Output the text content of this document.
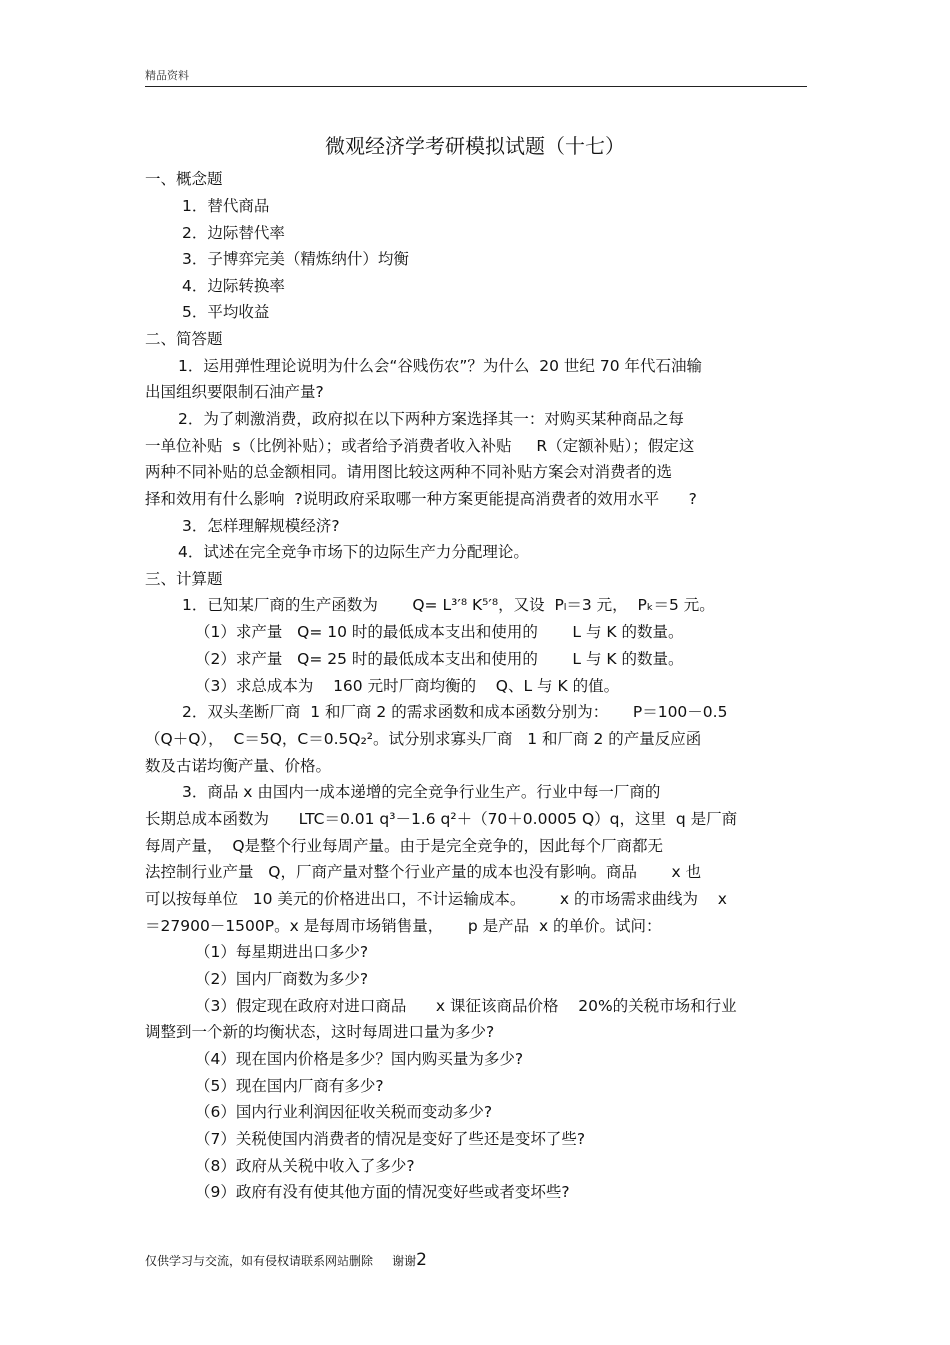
精品资料
微观经济学考研模拟试题（十七）
一、概念题
1．替代商品
2．边际替代率
3．子博弈完美（精炼纳什）均衡
4．边际转换率
5．平均收益
二、简答题
1．运用弹性理论说明为什么会“谷贱伤农”？为什么  20 世纪 70 年代石油输
出国组织要限制石油产量?
2．为了刺激消费，政府拟在以下两种方案选择其一：对购买某种商品之每
一单位补贴  s（比例补贴）；或者给予消费者收入补贴     R（定额补贴）；假定这
两种不同补贴的总金额相同。请用图比较这两种不同补贴方案会对消费者的选
择和效用有什么影响  ?说明政府采取哪一种方案更能提高消费者的效用水平      ?
3．怎样理解规模经济?
4．试述在完全竞争市场下的边际生产力分配理论。
三、计算题
1．已知某厂商的生产函数为       Q= L³′⁸ K⁵′⁸，又设  Pₗ＝3 元，  Pₖ＝5 元。
（1）求产量   Q= 10 时的最低成本支出和使用的       L 与 K 的数量。
（2）求产量   Q= 25 时的最低成本支出和使用的       L 与 K 的数量。
（3）求总成本为    160 元时厂商均衡的    Q、L 与 K 的值。
2．双头垄断厂商  1 和厂商 2 的需求函数和成本函数分别为：     P＝100－0.5
（Q＋Q），  C＝5Q，C＝0.5Q₂²。试分别求寡头厂商   1 和厂商 2 的产量反应函
数及古诺均衡产量、价格。
3．商品 x 由国内一成本递增的完全竞争行业生产。行业中每一厂商的
长期总成本函数为      LTC＝0.01 q³－1.6 q²＋（70＋0.0005 Q）q，这里  q 是厂商
每周产量，  Q是整个行业每周产量。由于是完全竞争的，因此每个厂商都无
法控制行业产量   Q，厂商产量对整个行业产量的成本也没有影响。商品       x 也
可以按每单位   10 美元的价格进出口，不计运输成本。       x 的市场需求曲线为    x
＝27900－1500P。x 是每周市场销售量，     p 是产品  x 的单价。试问：
（1）每星期进出口多少?
（2）国内厂商数为多少?
（3）假定现在政府对进口商品      x 课征该商品价格    20%的关税市场和行业
调整到一个新的均衡状态，这时每周进口量为多少?
（4）现在国内价格是多少？国内购买量为多少?
（5）现在国内厂商有多少?
（6）国内行业利润因征收关税而变动多少?
（7）关税使国内消费者的情况是变好了些还是变坏了些?
（8）政府从关税中收入了多少?
（9）政府有没有使其他方面的情况变好些或者变坏些?
仅供学习与交流，如有侵权请联系网站删除     谢谢2
